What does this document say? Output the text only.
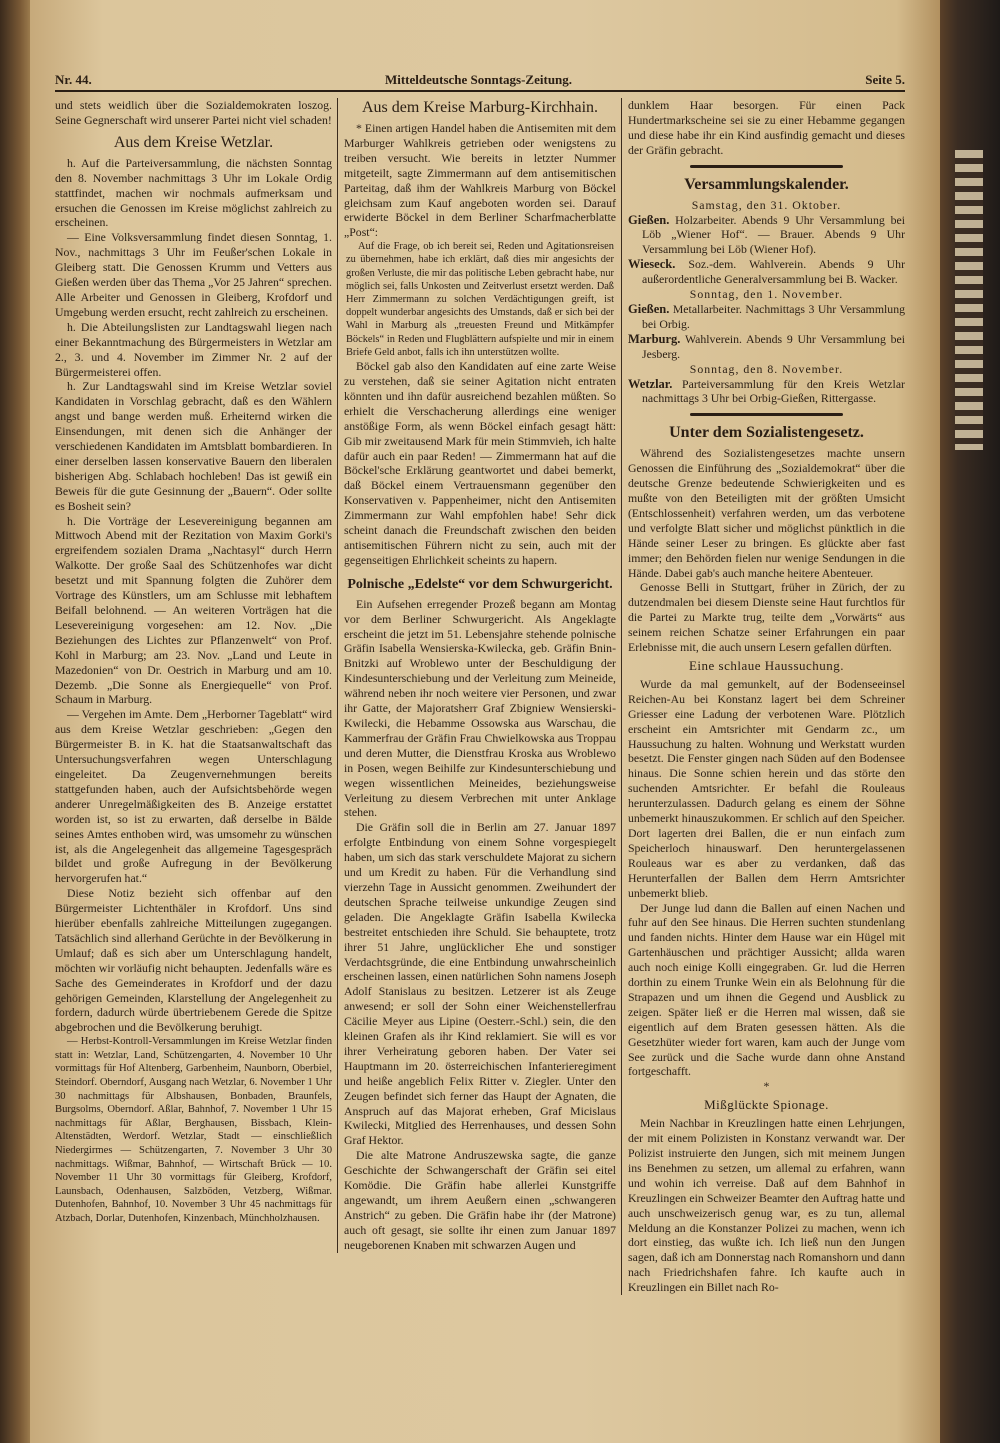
Nr. 44.	Mitteldeutsche Sonntags-Zeitung.	Seite 5.

und stets weidlich über die Sozialdemokraten loszog. Seine Gegnerschaft wird unserer Partei nicht viel schaden!

Aus dem Kreise Wetzlar.

h. Auf die Parteiversammlung, die nächsten Sonntag den 8. November nachmittags 3 Uhr im Lokale Ordig stattfindet, machen wir nochmals aufmerksam und ersuchen die Genossen im Kreise möglichst zahlreich zu erscheinen.

— Eine Volksversammlung findet diesen Sonntag, 1. Nov., nachmittags 3 Uhr im Feußer'schen Lokale in Gleiberg statt. Die Genossen Krumm und Vetters aus Gießen werden über das Thema „Vor 25 Jahren“ sprechen. Alle Arbeiter und Genossen in Gleiberg, Krofdorf und Umgebung werden ersucht, recht zahlreich zu erscheinen.

h. Die Abteilungslisten zur Landtagswahl liegen nach einer Bekanntmachung des Bürgermeisters in Wetzlar am 2., 3. und 4. November im Zimmer Nr. 2 auf der Bürgermeisterei offen.

h. Zur Landtagswahl sind im Kreise Wetzlar soviel Kandidaten in Vorschlag gebracht, daß es den Wählern angst und bange werden muß. Erheiternd wirken die Einsendungen, mit denen sich die Anhänger der verschiedenen Kandidaten im Amtsblatt bombardieren. In einer derselben lassen konservative Bauern den liberalen bisherigen Abg. Schlabach hochleben! Das ist gewiß ein Beweis für die gute Gesinnung der „Bauern“. Oder sollte es Bosheit sein?

h. Die Vorträge der Lesevereinigung begannen am Mittwoch Abend mit der Rezitation von Maxim Gorki's ergreifendem sozialen Drama „Nachtasyl“ durch Herrn Walkotte. Der große Saal des Schützenhofes war dicht besetzt und mit Spannung folgten die Zuhörer dem Vortrage des Künstlers, um am Schlusse mit lebhaftem Beifall belohnend. — An weiteren Vorträgen hat die Lesevereinigung vorgesehen: am 12. Nov. „Die Beziehungen des Lichtes zur Pflanzenwelt“ von Prof. Kohl in Marburg; am 23. Nov. „Land und Leute in Mazedonien“ von Dr. Oestrich in Marburg und am 10. Dezemb. „Die Sonne als Energiequelle“ von Prof. Schaum in Marburg.

— Vergehen im Amte. Dem „Herborner Tageblatt“ wird aus dem Kreise Wetzlar geschrieben: „Gegen den Bürgermeister B. in K. hat die Staatsanwaltschaft das Untersuchungsverfahren wegen Unterschlagung eingeleitet. Da Zeugenvernehmungen bereits stattgefunden haben, auch der Aufsichtsbehörde wegen anderer Unregelmäßigkeiten des B. Anzeige erstattet worden ist, so ist zu erwarten, daß derselbe in Bälde seines Amtes enthoben wird, was umsomehr zu wünschen ist, als die Angelegenheit das allgemeine Tagesgespräch bildet und große Aufregung in der Bevölkerung hervorgerufen hat.“

Diese Notiz bezieht sich offenbar auf den Bürgermeister Lichtenthäler in Krofdorf. Uns sind hierüber ebenfalls zahlreiche Mitteilungen zugegangen. Tatsächlich sind allerhand Gerüchte in der Bevölkerung in Umlauf; daß es sich aber um Unterschlagung handelt, möchten wir vorläufig nicht behaupten. Jedenfalls wäre es Sache des Gemeinderates in Krofdorf und der dazu gehörigen Gemeinden, Klarstellung der Angelegenheit zu fordern, dadurch würde übertriebenem Gerede die Spitze abgebrochen und die Bevölkerung beruhigt.

— Herbst-Kontroll-Versammlungen im Kreise Wetzlar finden statt in: Wetzlar, Land, Schützengarten, 4. November 10 Uhr vormittags für Hof Altenberg, Garbenheim, Naunborn, Oberbiel, Steindorf. Oberndorf, Ausgang nach Wetzlar, 6. November 1 Uhr 30 nachmittags für Albshausen, Bonbaden, Braunfels, Burgsolms, Oberndorf. Aßlar, Bahnhof, 7. November 1 Uhr 15 nachmittags für Aßlar, Berghausen, Bissbach, Klein-Altenstädten, Werdorf. Wetzlar, Stadt — einschließlich Niedergirmes — Schützengarten, 7. November 3 Uhr 30 nachmittags. Wißmar, Bahnhof, — Wirtschaft Brück — 10. November 11 Uhr 30 vormittags für Gleiberg, Krofdorf, Launsbach, Odenhausen, Salzböden, Vetzberg, Wißmar. Dutenhofen, Bahnhof, 10. November 3 Uhr 45 nachmittags für Atzbach, Dorlar, Dutenhofen, Kinzenbach, Münchholzhausen.

Aus dem Kreise Marburg-Kirchhain.

* Einen artigen Handel haben die Antisemiten mit dem Marburger Wahlkreis getrieben oder wenigstens zu treiben versucht. Wie bereits in letzter Nummer mitgeteilt, sagte Zimmermann auf dem antisemitischen Parteitag, daß ihm der Wahlkreis Marburg von Böckel gleichsam zum Kauf angeboten worden sei. Darauf erwiderte Böckel in dem Berliner Scharfmacherblatte „Post“:

Auf die Frage, ob ich bereit sei, Reden und Agitationsreisen zu übernehmen, habe ich erklärt, daß dies mir angesichts der großen Verluste, die mir das politische Leben gebracht habe, nur möglich sei, falls Unkosten und Zeitverlust ersetzt werden. Daß Herr Zimmermann zu solchen Verdächtigungen greift, ist doppelt wunderbar angesichts des Umstands, daß er sich bei der Wahl in Marburg als „treuesten Freund und Mitkämpfer Böckels“ in Reden und Flugblättern aufspielte und mir in einem Briefe Geld anbot, falls ich ihn unterstützen wollte.

Böckel gab also den Kandidaten auf eine zarte Weise zu verstehen, daß sie seiner Agitation nicht entraten könnten und ihn dafür ausreichend bezahlen müßten. So erhielt die Verschacherung allerdings eine weniger anstößige Form, als wenn Böckel einfach gesagt hätt: Gib mir zweitausend Mark für mein Stimmvieh, ich halte dafür auch ein paar Reden! — Zimmermann hat auf die Böckel'sche Erklärung geantwortet und dabei bemerkt, daß Böckel einem Vertrauensmann gegenüber den Konservativen v. Pappenheimer, nicht den Antisemiten Zimmermann zur Wahl empfohlen habe! Sehr dick scheint danach die Freundschaft zwischen den beiden antisemitischen Führern nicht zu sein, auch mit der gegenseitigen Ehrlichkeit scheints zu hapern.

Polnische „Edelste“ vor dem Schwurgericht.

Ein Aufsehen erregender Prozeß begann am Montag vor dem Berliner Schwurgericht. Als Angeklagte erscheint die jetzt im 51. Lebensjahre stehende polnische Gräfin Isabella Wensierska-Kwilecka, geb. Gräfin Bnin-Bnitzki auf Wroblewo unter der Beschuldigung der Kindesunterschiebung und der Verleitung zum Meineide, während neben ihr noch weitere vier Personen, und zwar ihr Gatte, der Majoratsherr Graf Zbigniew Wensierski-Kwilecki, die Hebamme Ossowska aus Warschau, die Kammerfrau der Gräfin Frau Chwielkowska aus Troppau und deren Mutter, die Dienstfrau Kroska aus Wroblewo in Posen, wegen Beihilfe zur Kindesunterschiebung und wegen wissentlichen Meineides, beziehungsweise Verleitung zu diesem Verbrechen mit unter Anklage stehen.

Die Gräfin soll die in Berlin am 27. Januar 1897 erfolgte Entbindung von einem Sohne vorgespiegelt haben, um sich das stark verschuldete Majorat zu sichern und um Kredit zu haben. Für die Verhandlung sind vierzehn Tage in Aussicht genommen. Zweihundert der deutschen Sprache teilweise unkundige Zeugen sind geladen. Die Angeklagte Gräfin Isabella Kwilecka bestreitet entschieden ihre Schuld. Sie behauptete, trotz ihrer 51 Jahre, unglücklicher Ehe und sonstiger Verdachtsgründe, die eine Entbindung unwahrscheinlich erscheinen lassen, einen natürlichen Sohn namens Joseph Adolf Stanislaus zu besitzen. Letzerer ist als Zeuge anwesend; er soll der Sohn einer Weichenstellerfrau Cäcilie Meyer aus Lipine (Oesterr.-Schl.) sein, die den kleinen Grafen als ihr Kind reklamiert. Sie will es vor ihrer Verheiratung geboren haben. Der Vater sei Hauptmann im 20. österreichischen Infanterieregiment und heiße angeblich Felix Ritter v. Ziegler. Unter den Zeugen befindet sich ferner das Haupt der Agnaten, die Anspruch auf das Majorat erheben, Graf Micislaus Kwilecki, Mitglied des Herrenhauses, und dessen Sohn Graf Hektor.

Die alte Matrone Andruszewska sagte, die ganze Geschichte der Schwangerschaft der Gräfin sei eitel Komödie. Die Gräfin habe allerlei Kunstgriffe angewandt, um ihrem Aeußern einen „schwangeren Anstrich“ zu geben. Die Gräfin habe ihr (der Matrone) auch oft gesagt, sie sollte ihr einen zum Januar 1897 neugeborenen Knaben mit schwarzen Augen und

dunklem Haar besorgen. Für einen Pack Hundertmarkscheine sei sie zu einer Hebamme gegangen und diese habe ihr ein Kind ausfindig gemacht und dieses der Gräfin gebracht.

Versammlungskalender.

Samstag, den 31. Oktober.

Gießen. Holzarbeiter. Abends 9 Uhr Versammlung bei Löb „Wiener Hof“. — Brauer. Abends 9 Uhr Versammlung bei Löb (Wiener Hof).

Wieseck. Soz.-dem. Wahlverein. Abends 9 Uhr außerordentliche Generalversammlung bei B. Wacker.

Sonntag, den 1. November.

Gießen. Metallarbeiter. Nachmittags 3 Uhr Versammlung bei Orbig.

Marburg. Wahlverein. Abends 9 Uhr Versammlung bei Jesberg.

Sonntag, den 8. November.

Wetzlar. Parteiversammlung für den Kreis Wetzlar nachmittags 3 Uhr bei Orbig-Gießen, Rittergasse.

Unter dem Sozialistengesetz.

Während des Sozialistengesetzes machte unsern Genossen die Einführung des „Sozialdemokrat“ über die deutsche Grenze bedeutende Schwierigkeiten und es mußte von den Beteiligten mit der größten Umsicht (Entschlossenheit) verfahren werden, um das verbotene und verfolgte Blatt sicher und möglichst pünktlich in die Hände seiner Leser zu bringen. Es glückte aber fast immer; den Behörden fielen nur wenige Sendungen in die Hände. Dabei gab's auch manche heitere Abenteuer.

Genosse Belli in Stuttgart, früher in Zürich, der zu dutzendmalen bei diesem Dienste seine Haut furchtlos für die Partei zu Markte trug, teilte dem „Vorwärts“ aus seinem reichen Schatze seiner Erfahrungen ein paar Erlebnisse mit, die auch unsern Lesern gefallen dürften.

Eine schlaue Haussuchung.

Wurde da mal gemunkelt, auf der Bodenseeinsel Reichen-Au bei Konstanz lagert bei dem Schreiner Griesser eine Ladung der verbotenen Ware. Plötzlich erscheint ein Amtsrichter mit Gendarm zc., um Haussuchung zu halten. Wohnung und Werkstatt wurden besetzt. Die Fenster gingen nach Süden auf den Bodensee hinaus. Die Sonne schien herein und das störte den suchenden Amtsrichter. Er befahl die Rouleaus herunterzulassen. Dadurch gelang es einem der Söhne unbemerkt hinauszukommen. Er schlich auf den Speicher. Dort lagerten drei Ballen, die er nun einfach zum Speicherloch hinauswarf. Den heruntergelassenen Rouleaus war es aber zu verdanken, daß das Herunterfallen der Ballen dem Herrn Amtsrichter unbemerkt blieb.

Der Junge lud dann die Ballen auf einen Nachen und fuhr auf den See hinaus. Die Herren suchten stundenlang und fanden nichts. Hinter dem Hause war ein Hügel mit Gartenhäuschen und prächtiger Aussicht; allda waren auch noch einige Kolli eingegraben. Gr. lud die Herren dorthin zu einem Trunke Wein ein als Belohnung für die Strapazen und um ihnen die Gegend und Ausblick zu zeigen. Später ließ er die Herren mal wissen, daß sie eigentlich auf dem Braten gesessen hätten. Als die Gesetzhüter wieder fort waren, kam auch der Junge vom See zurück und die Sache wurde dann ohne Anstand fortgeschafft.

*

Mißglückte Spionage.

Mein Nachbar in Kreuzlingen hatte einen Lehrjungen, der mit einem Polizisten in Konstanz verwandt war. Der Polizist instruierte den Jungen, sich mit meinem Jungen ins Benehmen zu setzen, um allemal zu erfahren, wann und wohin ich verreise. Daß auf dem Bahnhof in Kreuzlingen ein Schweizer Beamter den Auftrag hatte und auch unschweizerisch genug war, es zu tun, allemal Meldung an die Konstanzer Polizei zu machen, wenn ich dort einstieg, das wußte ich. Ich ließ nun den Jungen sagen, daß ich am Donnerstag nach Romanshorn und dann nach Friedrichshafen fahre. Ich kaufte auch in Kreuzlingen ein Billet nach Ro-
